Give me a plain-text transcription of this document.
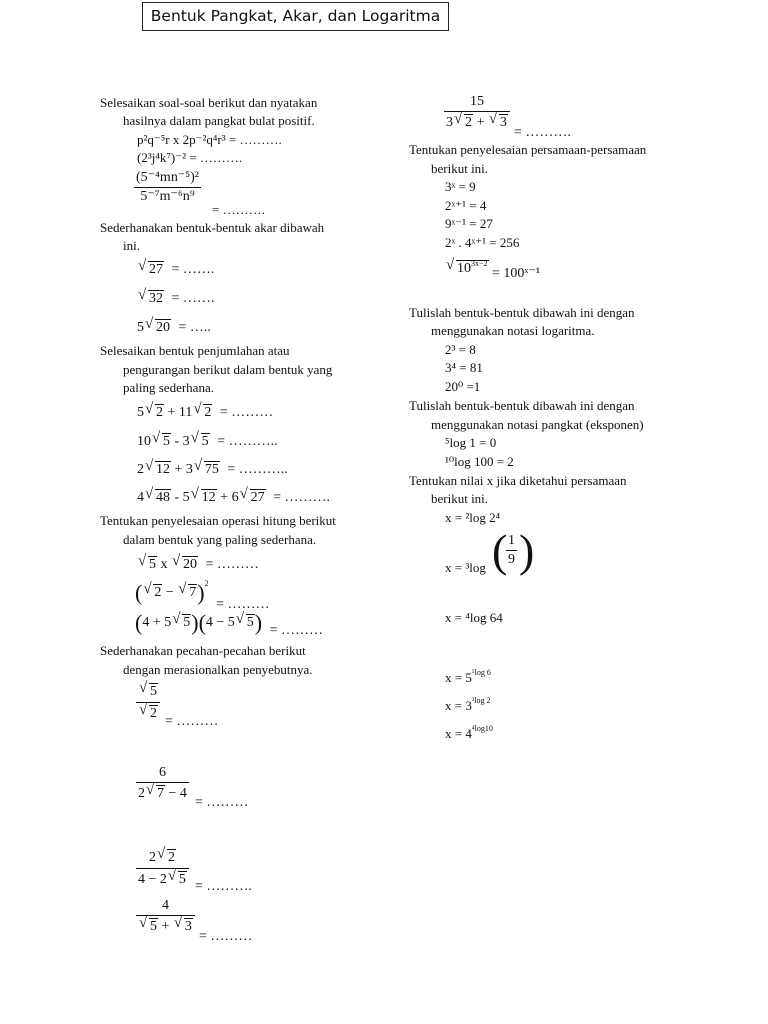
Bentuk Pangkat, Akar, dan Logaritma
Selesaikan soal-soal berikut dan nyatakan
hasilnya dalam pangkat bulat positif.
p²q⁻⁵r x 2p⁻²q⁴r³ = ……….
(2³j⁴k⁷)⁻² = ……….
$\frac{\text{(5⁻⁴mn⁻⁵)²}}{\text{5⁻⁷m⁻⁶n⁹}}$
= ……….
Sederhanakan bentuk-bentuk akar dibawah
ini.
√ 27 = …….
√ 32 = …….
5 √ 20 = …..
Selesaikan bentuk penjumlahan atau
pengurangan berikut dalam bentuk yang
paling sederhana.
5 √ 2 + 11 √ 2 = ………
10 √ 5 - 3 √ 5 = ………..
2 √ 12 + 3 √ 75 = ………..
4 √ 48 - 5 √ 12 + 6 √ 27 = ……….
Tentukan penyelesaian operasi hitung berikut
dalam bentuk yang paling sederhana.
√ 5 x √ 20 = ………
( √ 2 − √ 7)$^2$ = ………
(4 + 5 √ 5)(4 − 5 √ 5) = ………
Sederhanakan pecahan-pecahan berikut
dengan merasionalkan penyebutnya.
√ 5
√ 2 = ………
$\frac{6}{2 √ 7 - 4}$
= ………
$\frac{2 √ 2}{4 - 2 √ 5}$ = ……….
4
√ 5 + √ 3
= ………
$\frac{15}{3 √ 2 + √ 3}$
= ……….
Tentukan penyelesaian persamaan-persamaan
berikut ini.
3ˣ = 9
2ˣ⁺¹ = 4
9ˣ⁻¹ = 27
2ˣ . 4ˣ⁺¹ = 256
√ $10^{3x-2}$ = 100ˣ⁻¹
Tulislah bentuk-bentuk dibawah ini dengan
menggunakan notasi logaritma.
2³ = 8
3⁴ = 81
20⁰ =1
Tulislah bentuk-bentuk dibawah ini dengan
menggunakan notasi pangkat (eksponen)
⁵log 1 = 0
¹⁰log 100 = 2
Tentukan nilai x jika diketahui persamaan
berikut ini.
x = ²log 2⁴
x = ³log (
$\frac{1}{9}$ )
x = ⁴log 64
$x = 5^{^5log 6}$
$x = 3^{^3log 2}$
$x = 4^{^4log10}$
